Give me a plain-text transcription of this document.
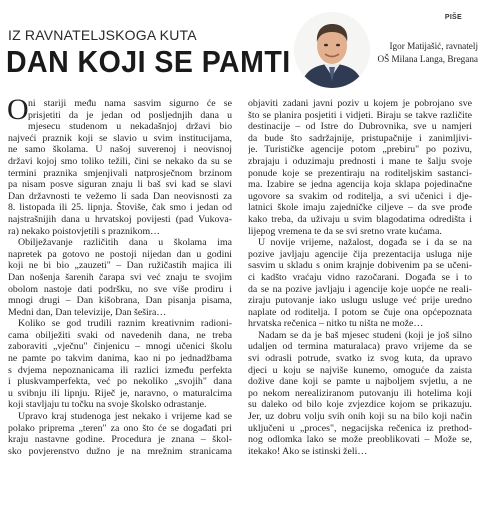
IZ RAVNATELJSKOGA KUTA
DAN KOJI SE PAMTI
PIŠE
Igor Matijašić, ravnatelj
OŠ Milana Langa, Bregana
O ni stariji među nama sasvim sigurno će se
prisjetiti da je jedan od posljednjih dana u
mjesecu studenom u nekadašnjoj državi bio
najveći praznik koji se slavio u svim institucijama,
ne samo školama. U našoj suverenoj i neovisnoj
državi kojoj smo toliko težili, čini se nekako da su se
termini praznika smjenjivali natprosječnom brzinom
pa nisam posve siguran znaju li baš svi kad se slavi
Dan državnosti te vežemo li sada Dan neovisnosti za
8. listopada ili 25. lipnja. Štoviše, čak smo i jedan od
najstrašnijih dana u hrvatskoj povijesti (pad Vukova-
ra) nekako poistovjetili s praznikom…
Obilježavanje različitih dana u školama ima
napretek pa gotovo ne postoji nijedan dan u godini
koji ne bi bio „zauzeti" – Dan ružičastih majica ili
Dan nošenja šarenih čarapa svi već znaju te svojim
obolom nastoje dati podršku, no sve više prodiru i
mnogi drugi – Dan kišobrana, Dan pisanja pisama,
Medni dan, Dan televizije, Dan šešira…
Koliko se god trudili raznim kreativnim radioni-
cama obilježiti svaki od navedenih dana, ne treba
zaboraviti „vječnu" činjenicu – mnogi učenici školu
ne pamte po takvim danima, kao ni po jednadžbama
s dvjema nepoznanicama ili razlici između perfekta
i pluskvamperfekta, već po nekoliko „svojih" dana
u svibnju ili lipnju. Riječ je, naravno, o maturalcima
koji stavljaju tu točku na svoje školsko odrastanje.
Upravo kraj studenoga jest nekako i vrijeme kad se
polako pripremа „teren" za ono što će se događati pri
kraju nastavne godine. Procedura je znana – škol-
sko povjerenstvo dužno je na mrežnim stranicama
objaviti zadani javni poziv u kojem je pobrojano sve
što se planira posjetiti i vidjeti. Biraju se takve različite
destinacije – od Istre do Dubrovnika, sve u namjeri
da bude što sadržajnije, pristupačnije i zanimljivi-
je. Turističke agencije potom „prebiru" po pozivu,
zbrajaju i oduzimaju prednosti i mane te šalju svoje
ponude koje se prezentiraju na roditeljskim sastanci-
ma. Izabire se jedna agencija koja sklapa pojedinačne
ugovore sa svakim od roditelja, a svi učenici i dje-
latnici škole imaju zajedničke ciljeve – da sve prođe
kako treba, da uživaju u svim blagodatima odredišta i
lijepog vremena te da se svi sretno vrate kućama.
U novije vrijeme, nažalost, događa se i da se na
pozive javljaju agencije čija prezentacija usluga nije
sasvim u skladu s onim krajnje dobivenim pa se učeni-
ci kadšto vraćaju vidno razočarani. Događa se i to
da se na pozive javljaju i agencije koje uopće ne reali-
ziraju putovanje iako uslugu usluge već prije uredno
naplate od roditelja. I potom se čuje ona općepoznata
hrvatska rečenica – nitko tu ništa ne može…
Nadam se da je baš mjesec studeni (koji je još silno
udaljen od termina maturalaca) pravo vrijeme da se
svi odrasli potrude, svatko iz svog kuta, da upravo
djeci u koju se najviše kunemo, omoguće da zaista
dožive dane koji se pamte u najboljem svjetlu, a ne
po nekom nerealiziranom putovanju ili hotelima koji
su daleko od bilo koje zvjezdice kojom se prikazuju.
Jer, uz dobru volju svih onih koji su na bilo koji način
uključeni u „proces", negacijska rečenica iz prethod-
nog odlomka lako se može preoblikovati – Može se,
itekako! Ako se istinski želi…
